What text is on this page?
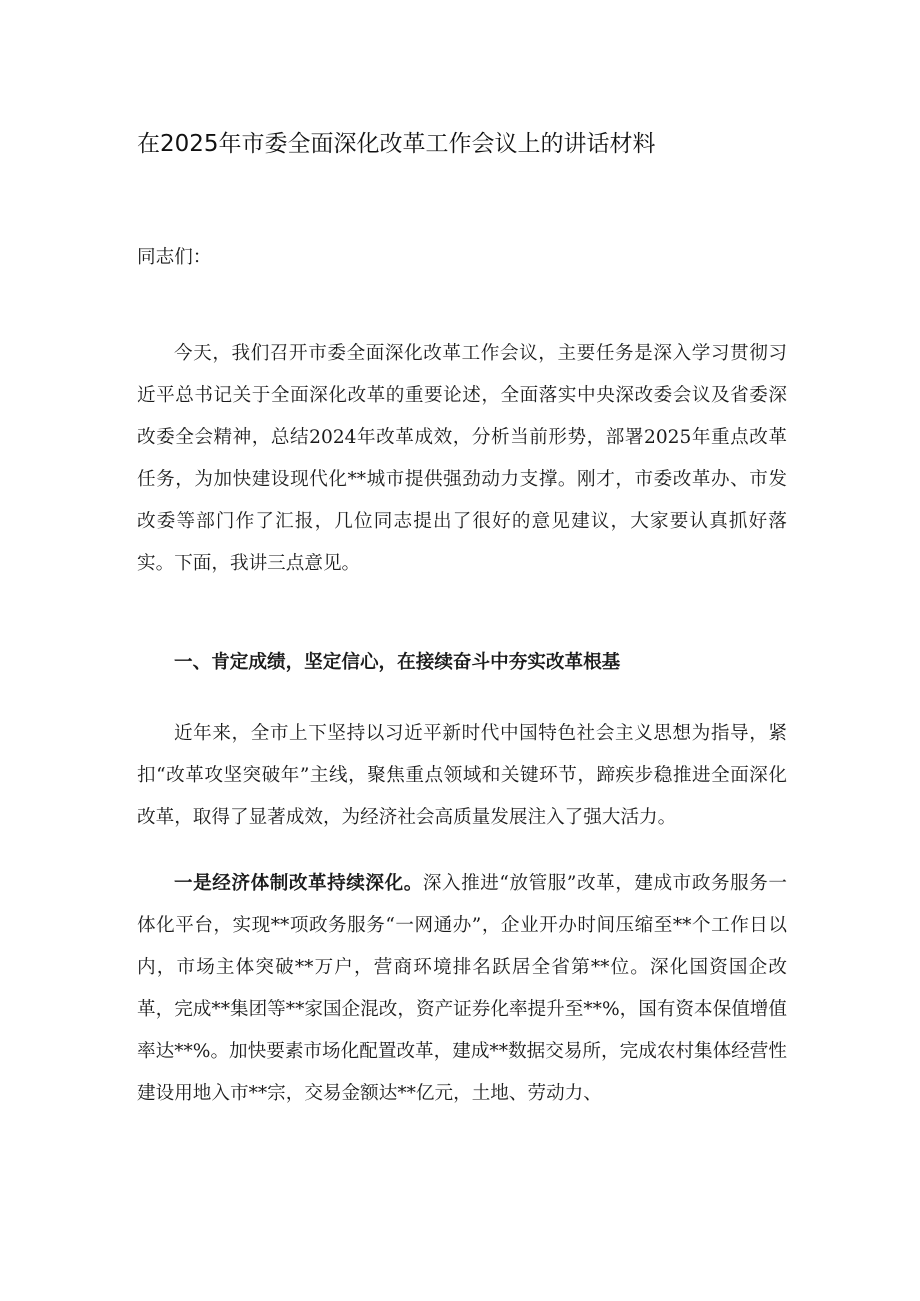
在2025年市委全面深化改革工作会议上的讲话材料

同志们：

今天，我们召开市委全面深化改革工作会议，主要任务是深入学习贯彻习近平总书记关于全面深化改革的重要论述，全面落实中央深改委会议及省委深改委全会精神，总结2024年改革成效，分析当前形势，部署2025年重点改革任务，为加快建设现代化**城市提供强劲动力支撑。刚才，市委改革办、市发改委等部门作了汇报，几位同志提出了很好的意见建议，大家要认真抓好落实。下面，我讲三点意见。

一、肯定成绩，坚定信心，在接续奋斗中夯实改革根基

近年来，全市上下坚持以习近平新时代中国特色社会主义思想为指导，紧扣“改革攻坚突破年”主线，聚焦重点领域和关键环节，蹄疾步稳推进全面深化改革，取得了显著成效，为经济社会高质量发展注入了强大活力。

一是经济体制改革持续深化。深入推进“放管服”改革，建成市政务服务一体化平台，实现**项政务服务“一网通办”，企业开办时间压缩至**个工作日以内，市场主体突破**万户，营商环境排名跃居全省第**位。深化国资国企改革，完成**集团等**家国企混改，资产证券化率提升至**%，国有资本保值增值率达**%。加快要素市场化配置改革，建成**数据交易所，完成农村集体经营性建设用地入市**宗，交易金额达**亿元，土地、劳动力、
